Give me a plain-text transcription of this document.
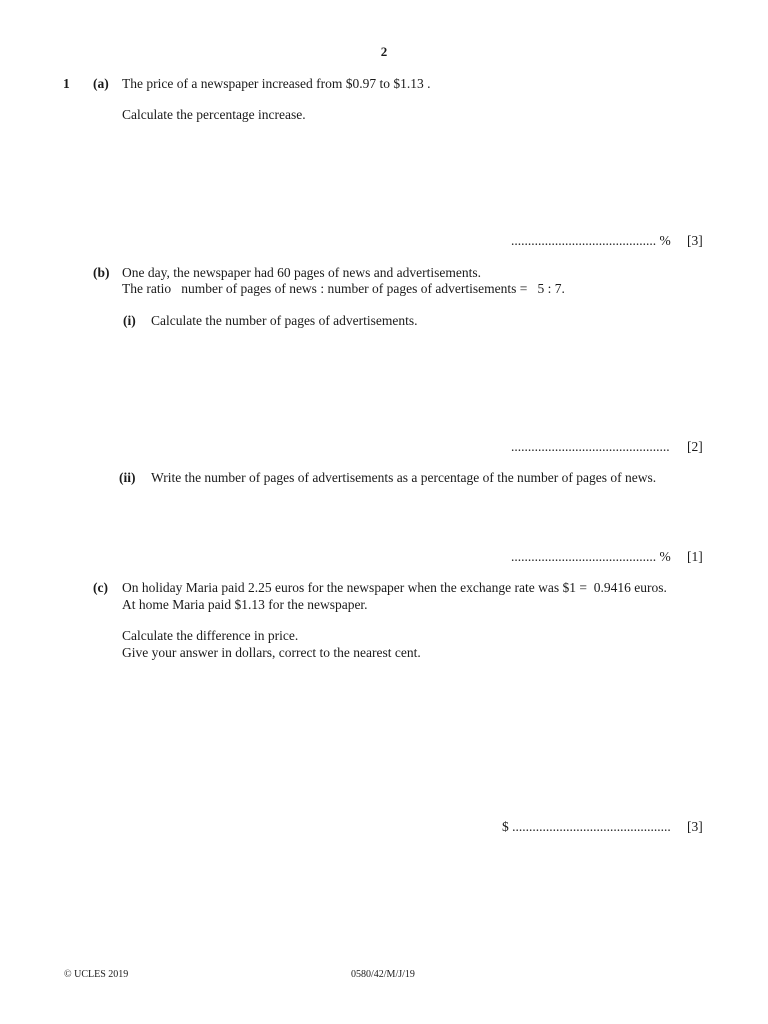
2
1 (a) The price of a newspaper increased from $0.97 to $1.13 .
Calculate the percentage increase.
........................................... % [3]
(b) One day, the newspaper had 60 pages of news and advertisements.
The ratio   number of pages of news : number of pages of advertisements =   5 : 7.
(i) Calculate the number of pages of advertisements.
............................................... [2]
(ii) Write the number of pages of advertisements as a percentage of the number of pages of news.
........................................... % [1]
(c) On holiday Maria paid 2.25 euros for the newspaper when the exchange rate was $1 =  0.9416 euros.
At home Maria paid $1.13 for the newspaper.
Calculate the difference in price.
Give your answer in dollars, correct to the nearest cent.
$ ............................................... [3]
© UCLES 2019	0580/42/M/J/19
